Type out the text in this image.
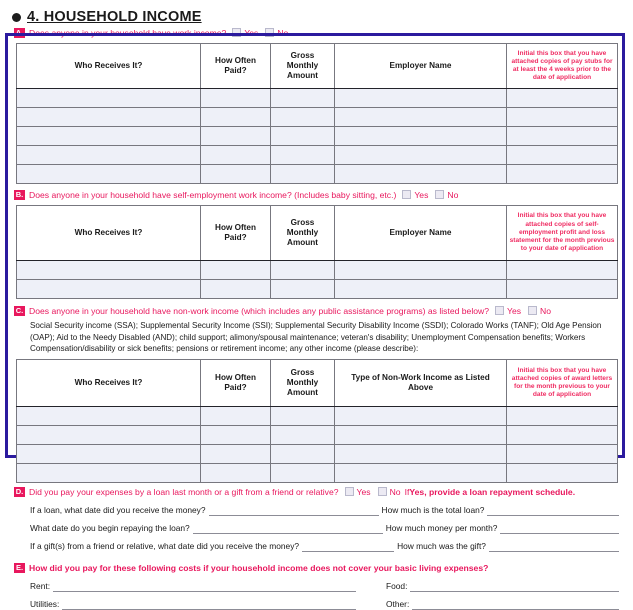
4. HOUSEHOLD INCOME
A. Does anyone in your household have work income? Yes No
Who Receives It?	How Often Paid?	Gross Monthly Amount	Employer Name	Initial this box that you have attached copies of pay stubs for at least the 4 weeks prior to the date of application

B. Does anyone in your household have self-employment work income? (Includes baby sitting, etc.) Yes No
Who Receives It?	How Often Paid?	Gross Monthly Amount	Employer Name	Initial this box that you have attached copies of self-employment profit and loss statement for the month previous to your date of application

C. Does anyone in your household have non-work income (which includes any public assistance programs) as listed below? Yes No
Social Security income (SSA); Supplemental Security Income (SSI); Supplemental Security Disability Income (SSDI); Colorado Works (TANF); Old Age Pension (OAP); Aid to the Needy Disabled (AND); child support; alimony/spousal maintenance; veteran's disability; Unemployment Compensation benefits; Workers Compensation/disability or sick benefits; pensions or retirement income; any other income (please describe):
Who Receives It?	How Often Paid?	Gross Monthly Amount	Type of Non-Work Income as Listed Above	Initial this box that you have attached copies of award letters for the month previous to your date of application

D. Did you pay your expenses by a loan last month or a gift from a friend or relative? Yes No If Yes , provide a loan repayment schedule.
If a loan, what date did you receive the money?	How much is the total loan?
What date do you begin repaying the loan?	How much money per month?
If a gift(s) from a friend or relative, what date did you receive the money?	How much was the gift?
E. How did you pay for these following costs if your household income does not cover your basic living expenses?
Rent:	Food:
Utilities:	Other:
